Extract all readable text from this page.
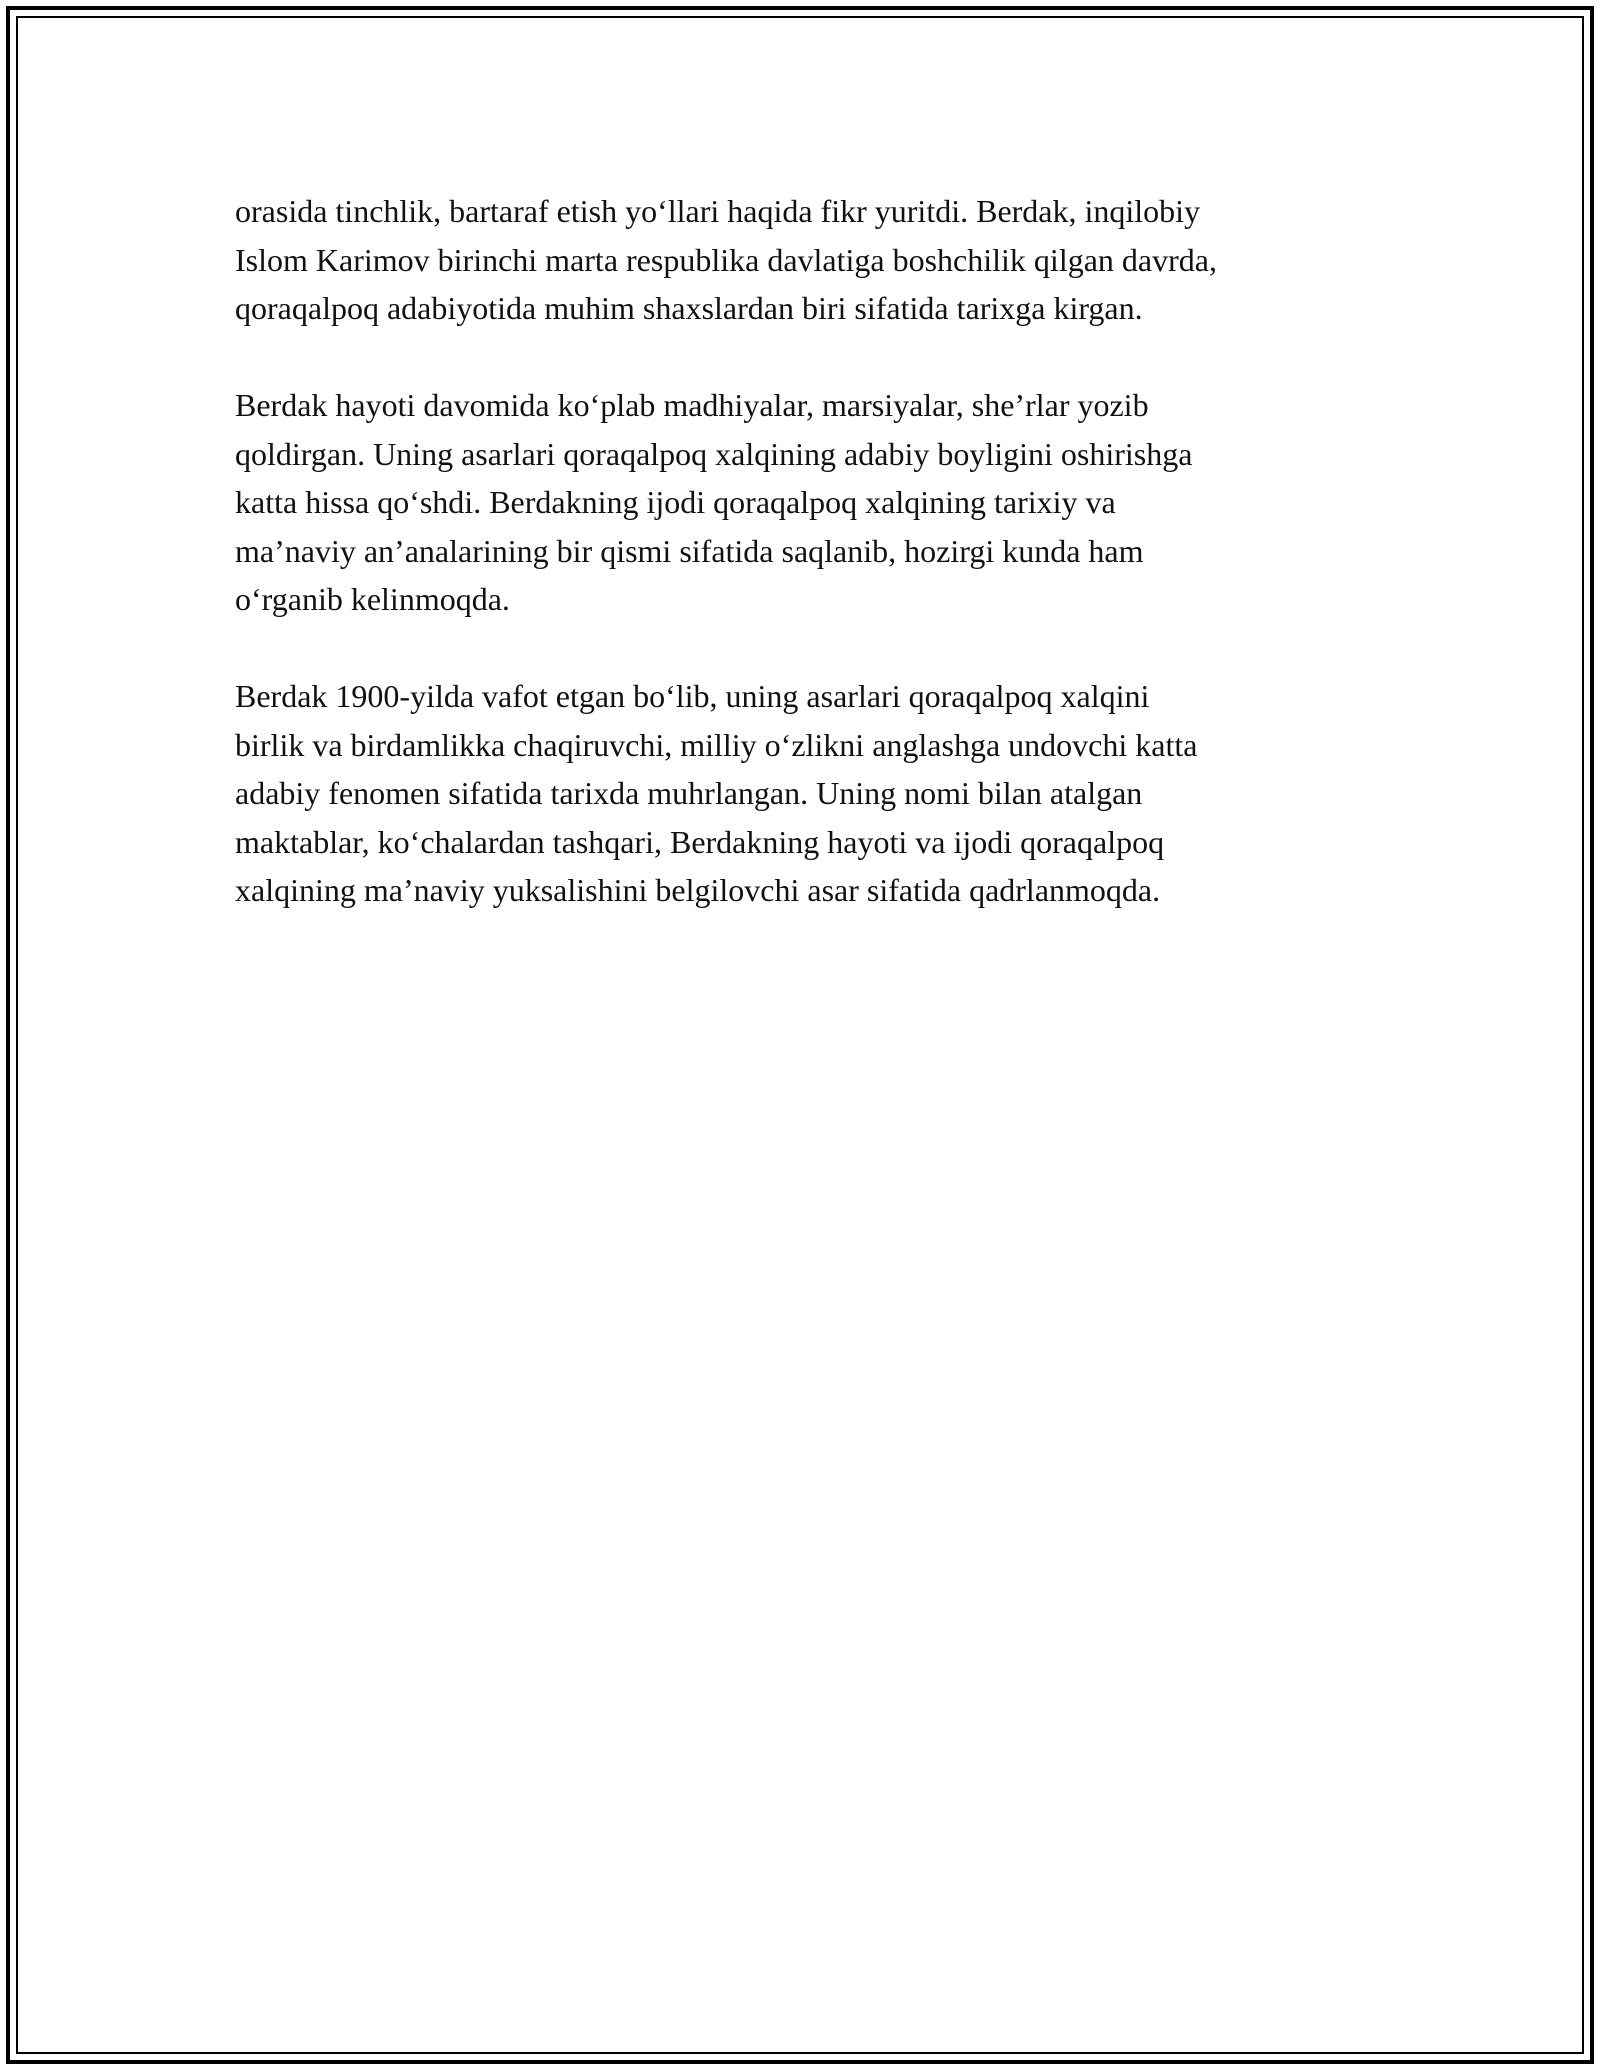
orasida tinchlik, bartaraf etish yo‘llari haqida fikr yuritdi. Berdak, inqilobiy
Islom Karimov birinchi marta respublika davlatiga boshchilik qilgan davrda,
qoraqalpoq adabiyotida muhim shaxslardan biri sifatida tarixga kirgan.
Berdak hayoti davomida ko‘plab madhiyalar, marsiyalar, she’rlar yozib
qoldirgan. Uning asarlari qoraqalpoq xalqining adabiy boyligini oshirishga
katta hissa qo‘shdi. Berdakning ijodi qoraqalpoq xalqining tarixiy va
ma’naviy an’analarining bir qismi sifatida saqlanib, hozirgi kunda ham
o‘rganib kelinmoqda.
Berdak 1900-yilda vafot etgan bo‘lib, uning asarlari qoraqalpoq xalqini
birlik va birdamlikka chaqiruvchi, milliy o‘zlikni anglashga undovchi katta
adabiy fenomen sifatida tarixda muhrlangan. Uning nomi bilan atalgan
maktablar, ko‘chalardan tashqari, Berdakning hayoti va ijodi qoraqalpoq
xalqining ma’naviy yuksalishini belgilovchi asar sifatida qadrlanmoqda.
